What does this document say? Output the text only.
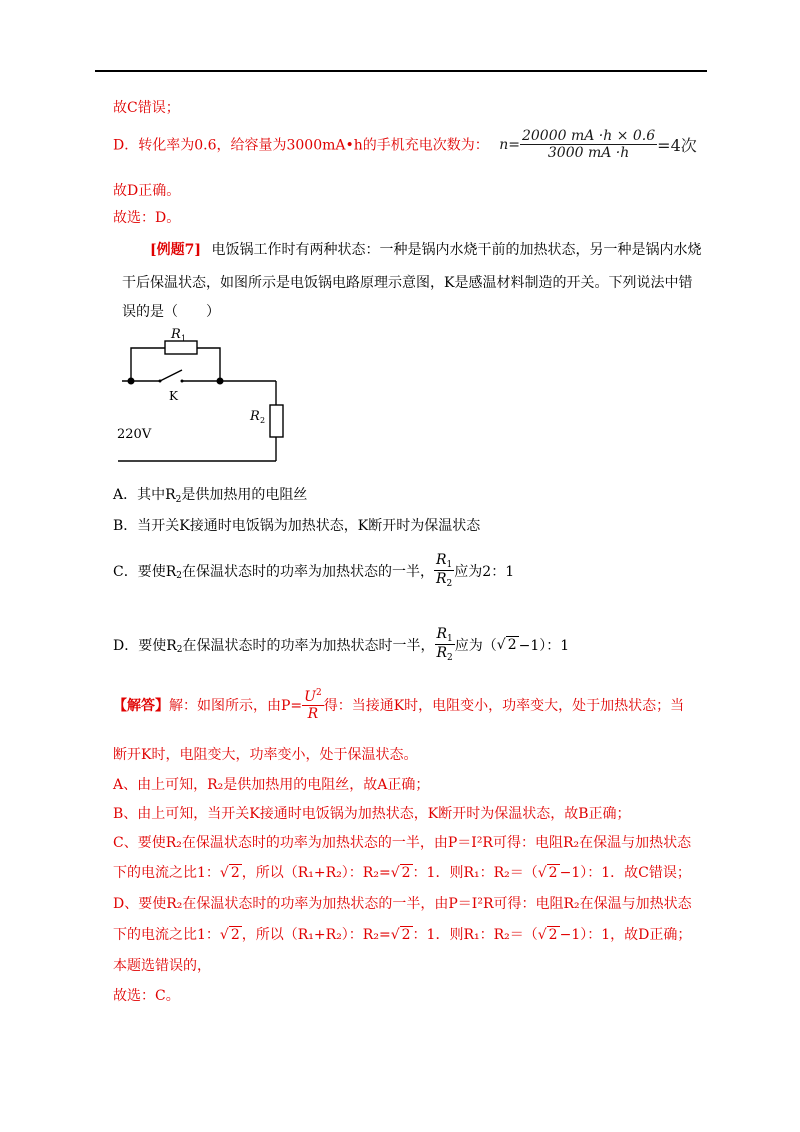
故C错误；
D．转化率为0.6，给容量为3000mA•h的手机充电次数为： $n= \frac{20000 mA \cdot h \times 0.6}{3000 mA \cdot h} =4$次
故D正确。
故选：D。
[例题7] 电饭锅工作时有两种状态：一种是锅内水烧干前的加热状态，另一种是锅内水烧
干后保温状态，如图所示是电饭锅电路原理示意图，K是感温材料制造的开关。下列说法中错
误的是（　　）
R 1
R 2
K
220V
A．其中$R_2$是供加热用的电阻丝
B．当开关K接通时电饭锅为加热状态，K断开时为保温状态
C．要使$R_2$在保温状态时的功率为加热状态的一半， $\frac{R_1}{R_2}$ 应为2：1
D．要使$R_2$在保温状态时的功率为加热状态时一半， $\frac{R_1}{R_2}$ 应为（√ 2 −1）：1
【解答】解：如图所示，由$P= \frac{U^2}{R}$ 得：当接通K时，电阻变小，功率变大，处于加热状态；当
断开K时，电阻变大，功率变小，处于保温状态。
A、由上可知，R₂是供加热用的电阻丝，故A正确；
B、由上可知，当开关K接通时电饭锅为加热状态，K断开时为保温状态，故B正确；
C、要使R₂在保温状态时的功率为加热状态的一半，由P＝I²R可得：电阻R₂在保温与加热状态
下的电流之比1：√ 2 ，所以（R₁+R₂）：R₂=√ 2 ：1．则R₁：R₂＝（√ 2 −1）：1．故C错误；
D、要使R₂在保温状态时的功率为加热状态的一半，由P＝I²R可得：电阻R₂在保温与加热状态
下的电流之比1：√ 2 ，所以（R₁+R₂）：R₂=√ 2 ：1．则R₁：R₂＝（√ 2 −1）：1，故D正确；
本题选错误的，
故选：C。
